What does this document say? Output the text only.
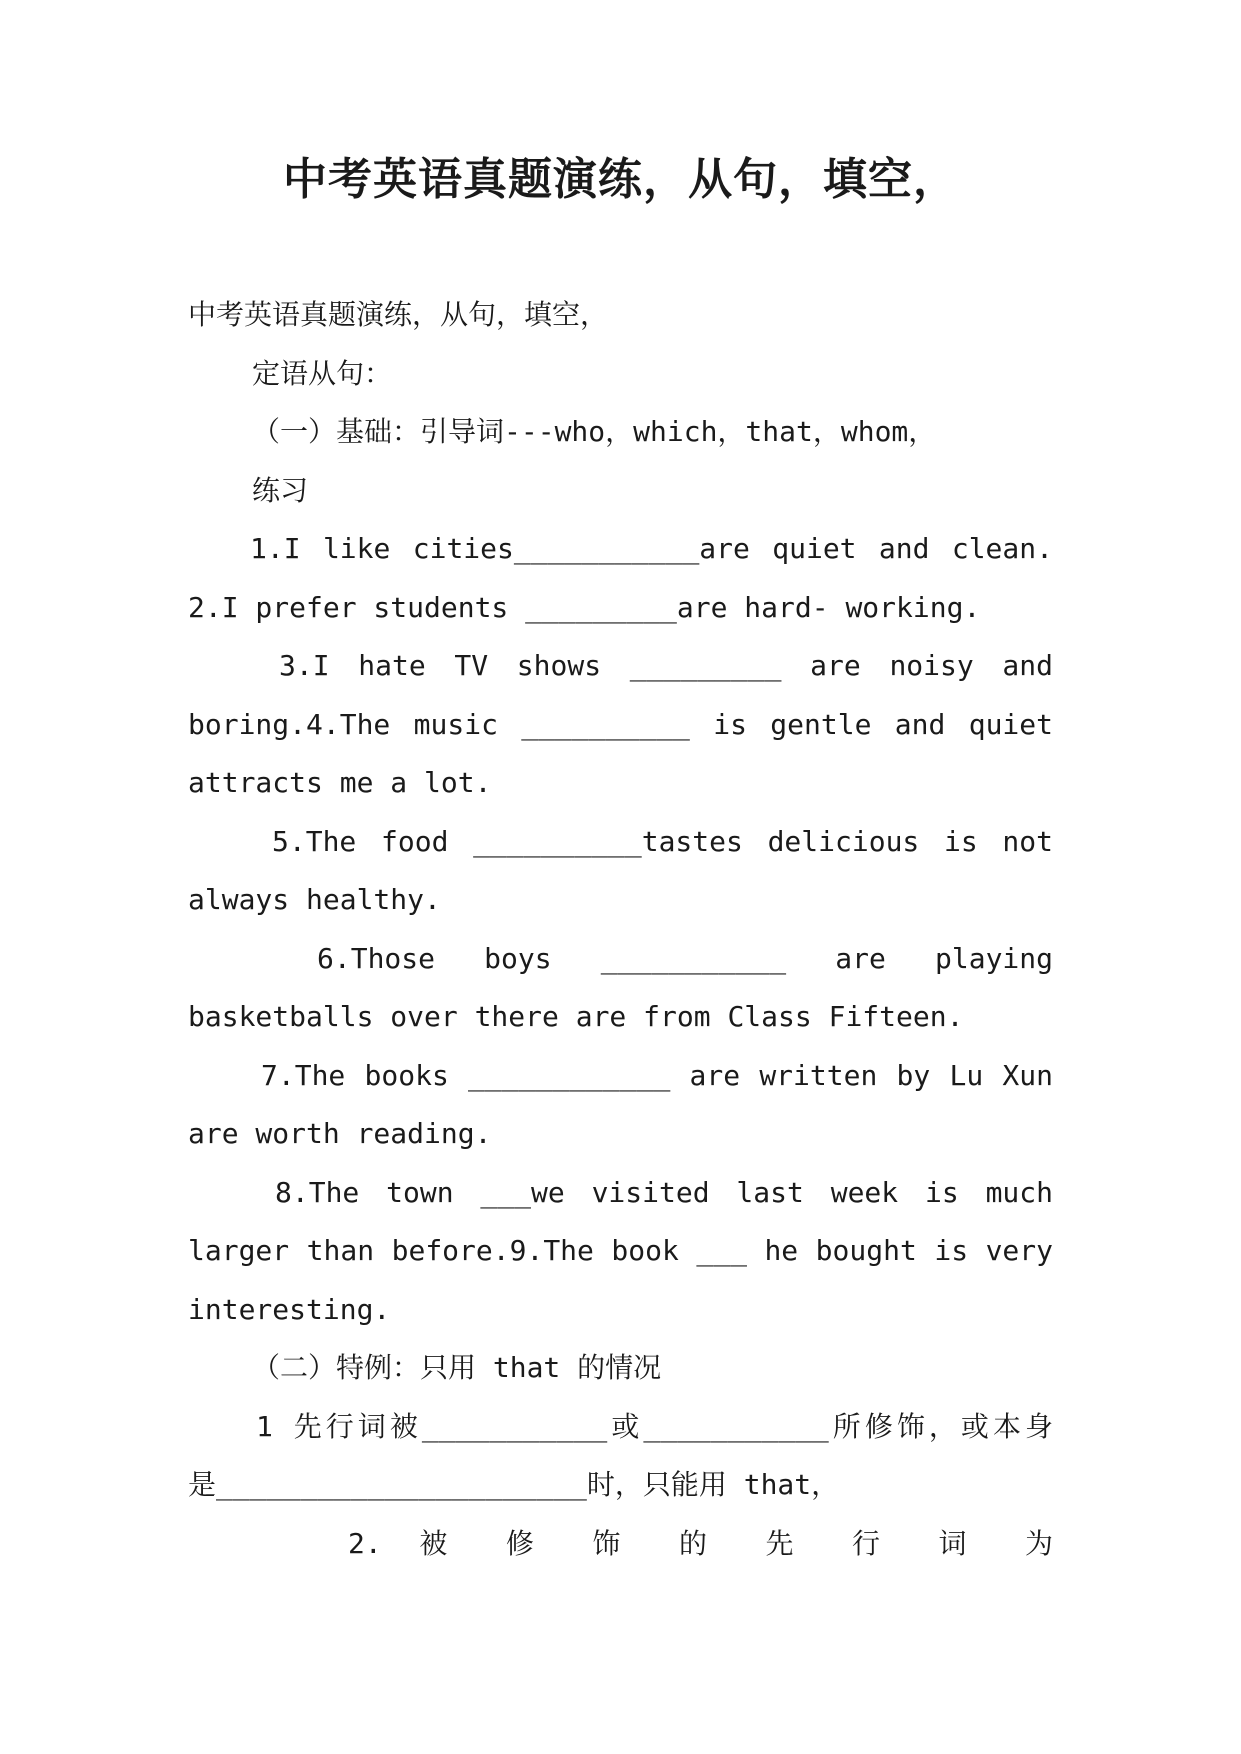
中考英语真题演练，从句，填空，
中考英语真题演练，从句，填空，
定语从句：
（一）基础：引导词---who，which，that，whom，
练习
1.I like cities___________are quiet and clean.
2.I prefer students _________are hard- working.
3.I hate TV shows _________ are noisy and
boring.4.The music __________ is gentle and quiet
attracts me a lot.
5.The food __________tastes delicious is not
always healthy.
6.Those boys ___________ are playing
basketballs over there are from Class Fifteen.
7.The books ____________ are written by Lu Xun
are worth reading.
8.The town ___we visited last week is much
larger than before.9.The book ___ he bought is very
interesting.
（二）特例：只用 that 的情况
1 先行词被___________或___________所修饰，或本身
是______________________时，只能用 that，
2. 被 修 饰 的 先 行 词 为
